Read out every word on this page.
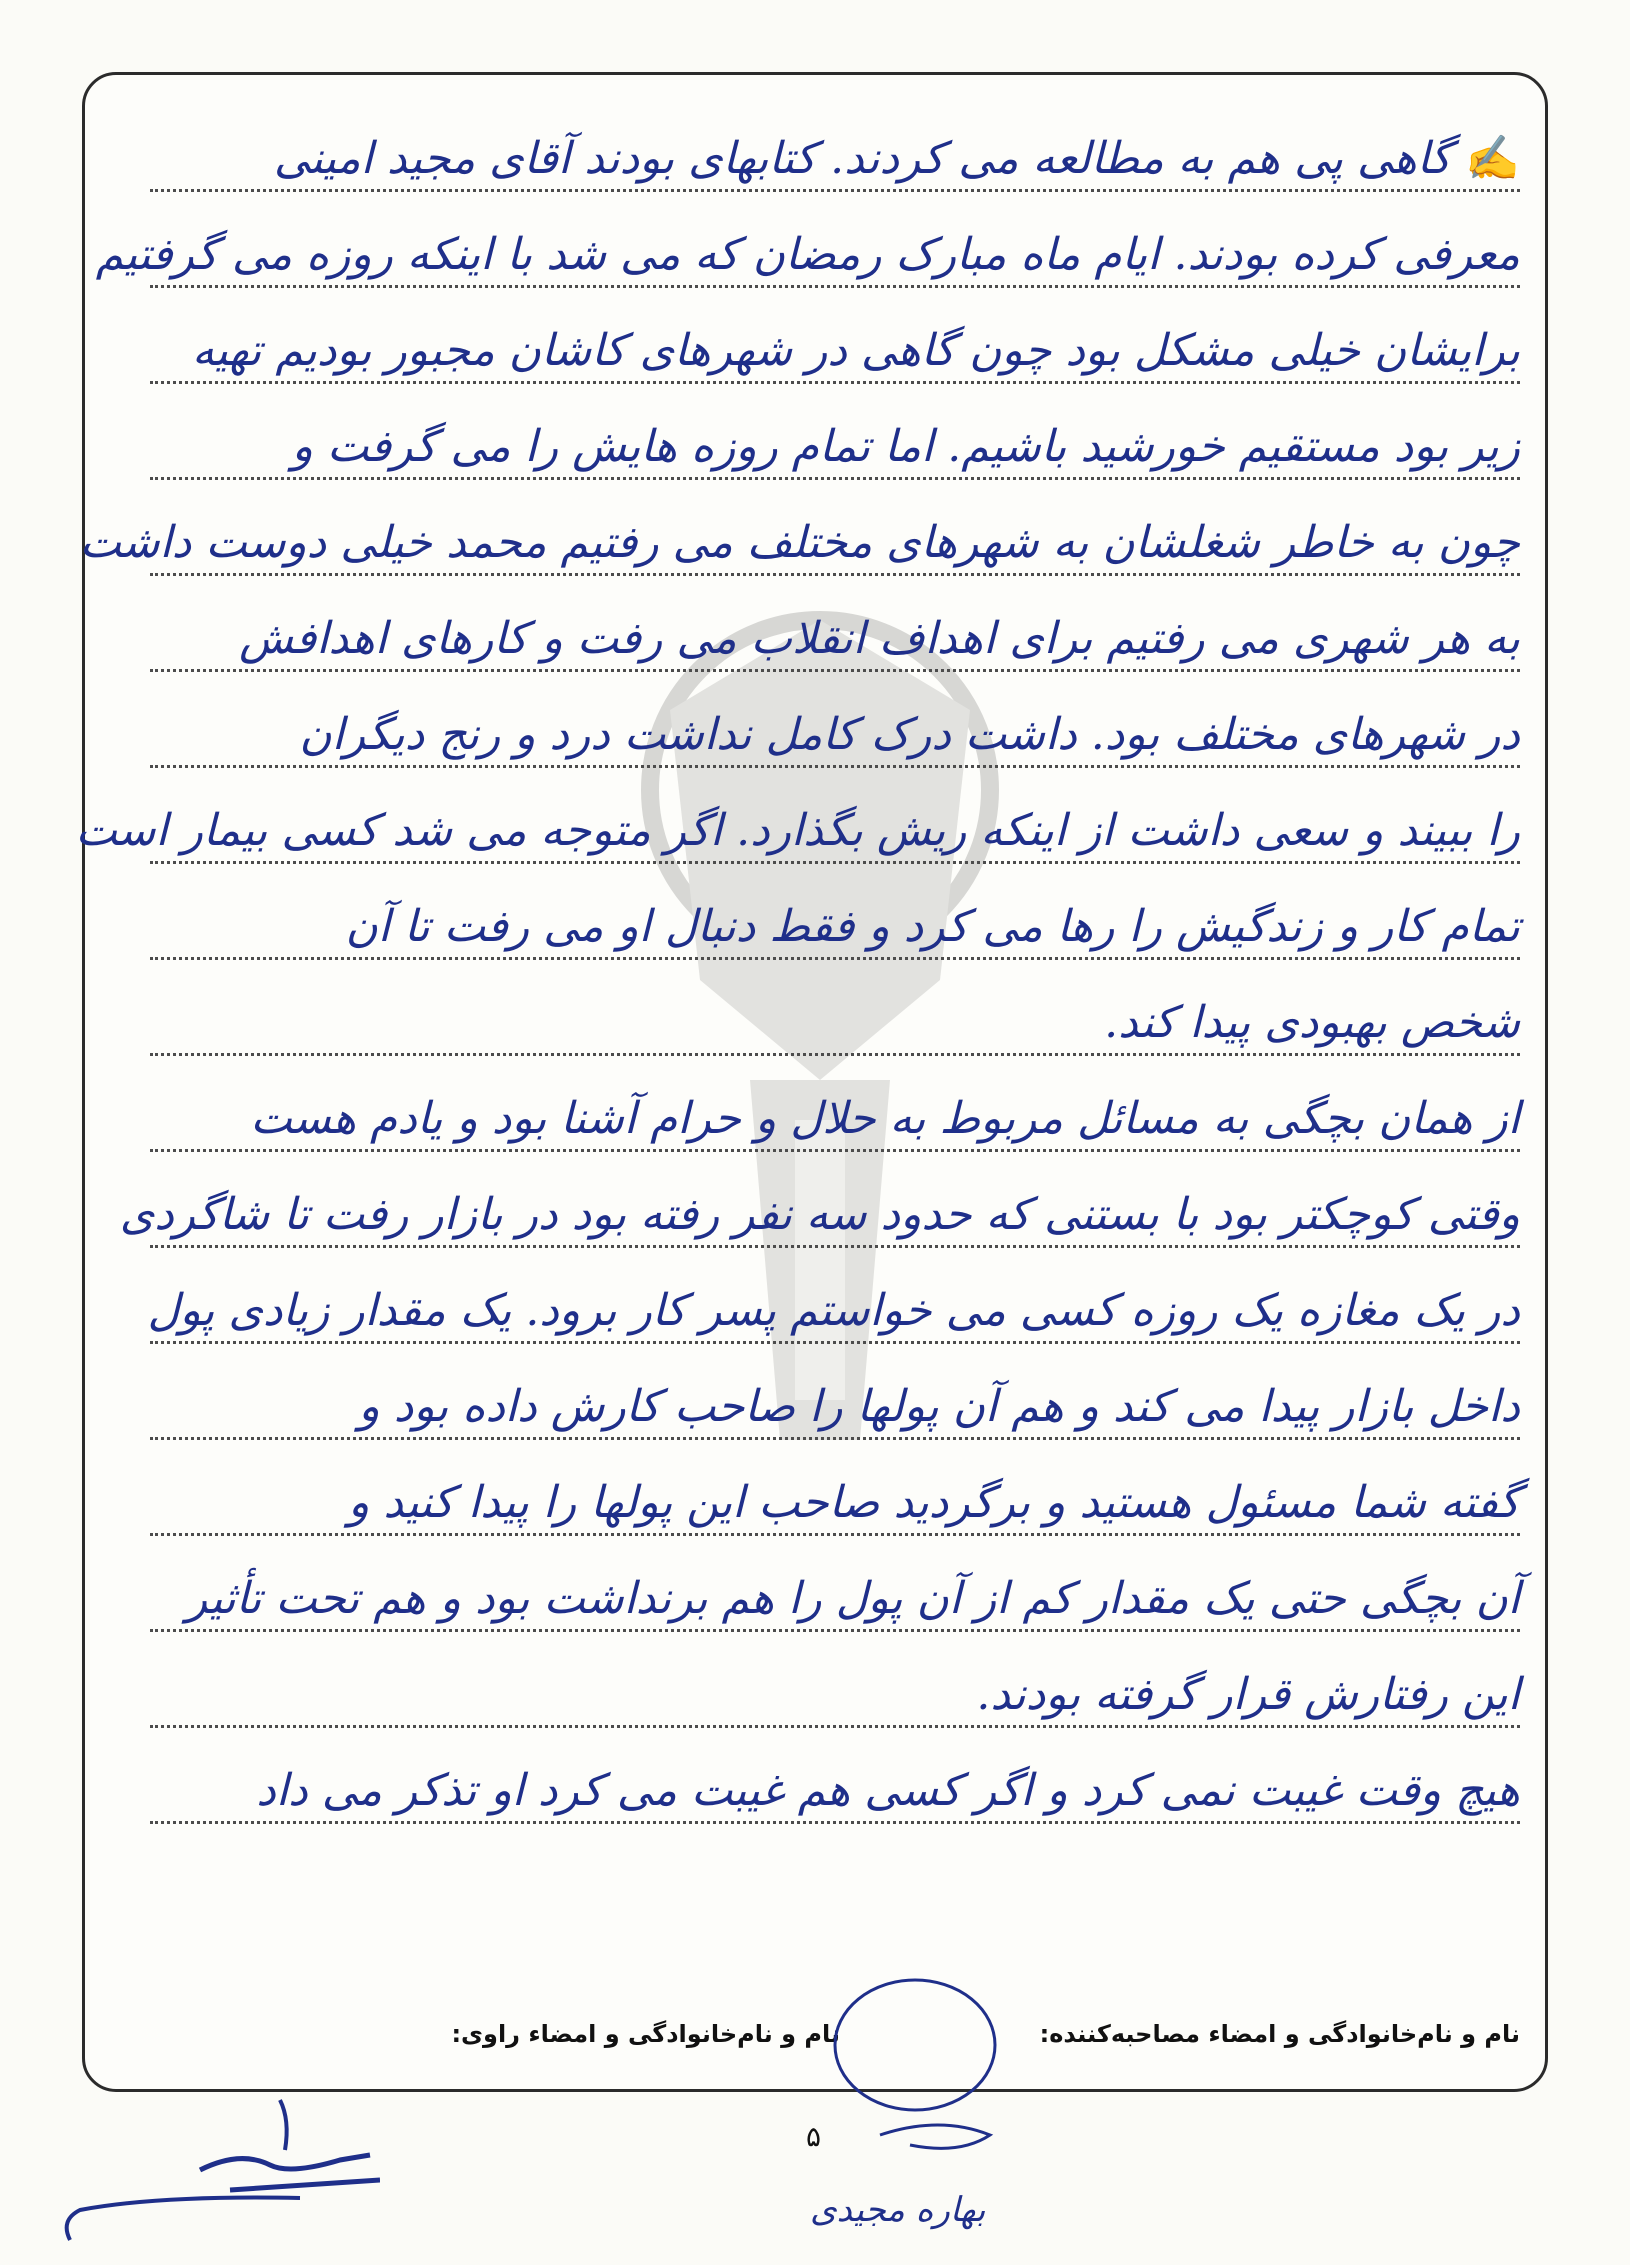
✍گاهی پی هم به مطالعه می کردند. کتابهای بودند آقای مجید امینی
معرفی کرده بودند. ایام ماه مبارک رمضان که می شد با اینکه روزه می گرفتیم
برایشان خیلی مشکل بود چون گاهی در شهرهای کاشان مجبور بودیم تهیه
زیر بود مستقیم خورشید باشیم. اما تمام روزه هایش را می گرفت و
چون به خاطر شغلشان به شهرهای مختلف می رفتیم محمد خیلی دوست داشت
به هر شهری می رفتیم برای اهداف انقلاب می رفت و کارهای اهدافش
در شهرهای مختلف بود. داشت درک کامل نداشت درد و رنج دیگران
را ببیند و سعی داشت از اینکه ریش بگذارد. اگر متوجه می شد کسی بیمار است
تمام کار و زندگیش را رها می کرد و فقط دنبال او می رفت تا آن
شخص بهبودی پیدا کند.
از همان بچگی به مسائل مربوط به حلال و حرام آشنا بود و یادم هست
وقتی کوچکتر بود با بستنی که حدود سه نفر رفته بود در بازار رفت تا شاگردی
در یک مغازه یک روزه کسی می خواستم پسر کار برود. یک مقدار زیادی پول
داخل بازار پیدا می کند و هم آن پولها را صاحب کارش داده بود و
گفته شما مسئول هستید و برگردید صاحب این پولها را پیدا کنید و
آن بچگی حتی یک مقدار کم از آن پول را هم برنداشت بود و هم تحت تأثیر
این رفتارش قرار گرفته بودند.
هیچ وقت غیبت نمی کرد و اگر کسی هم غیبت می کرد او تذکر می داد
نام و نام‌خانوادگی و امضاء مصاحبه‌کننده:
نام و نام‌خانوادگی و امضاء راوی:
۵
بهاره مجیدی
